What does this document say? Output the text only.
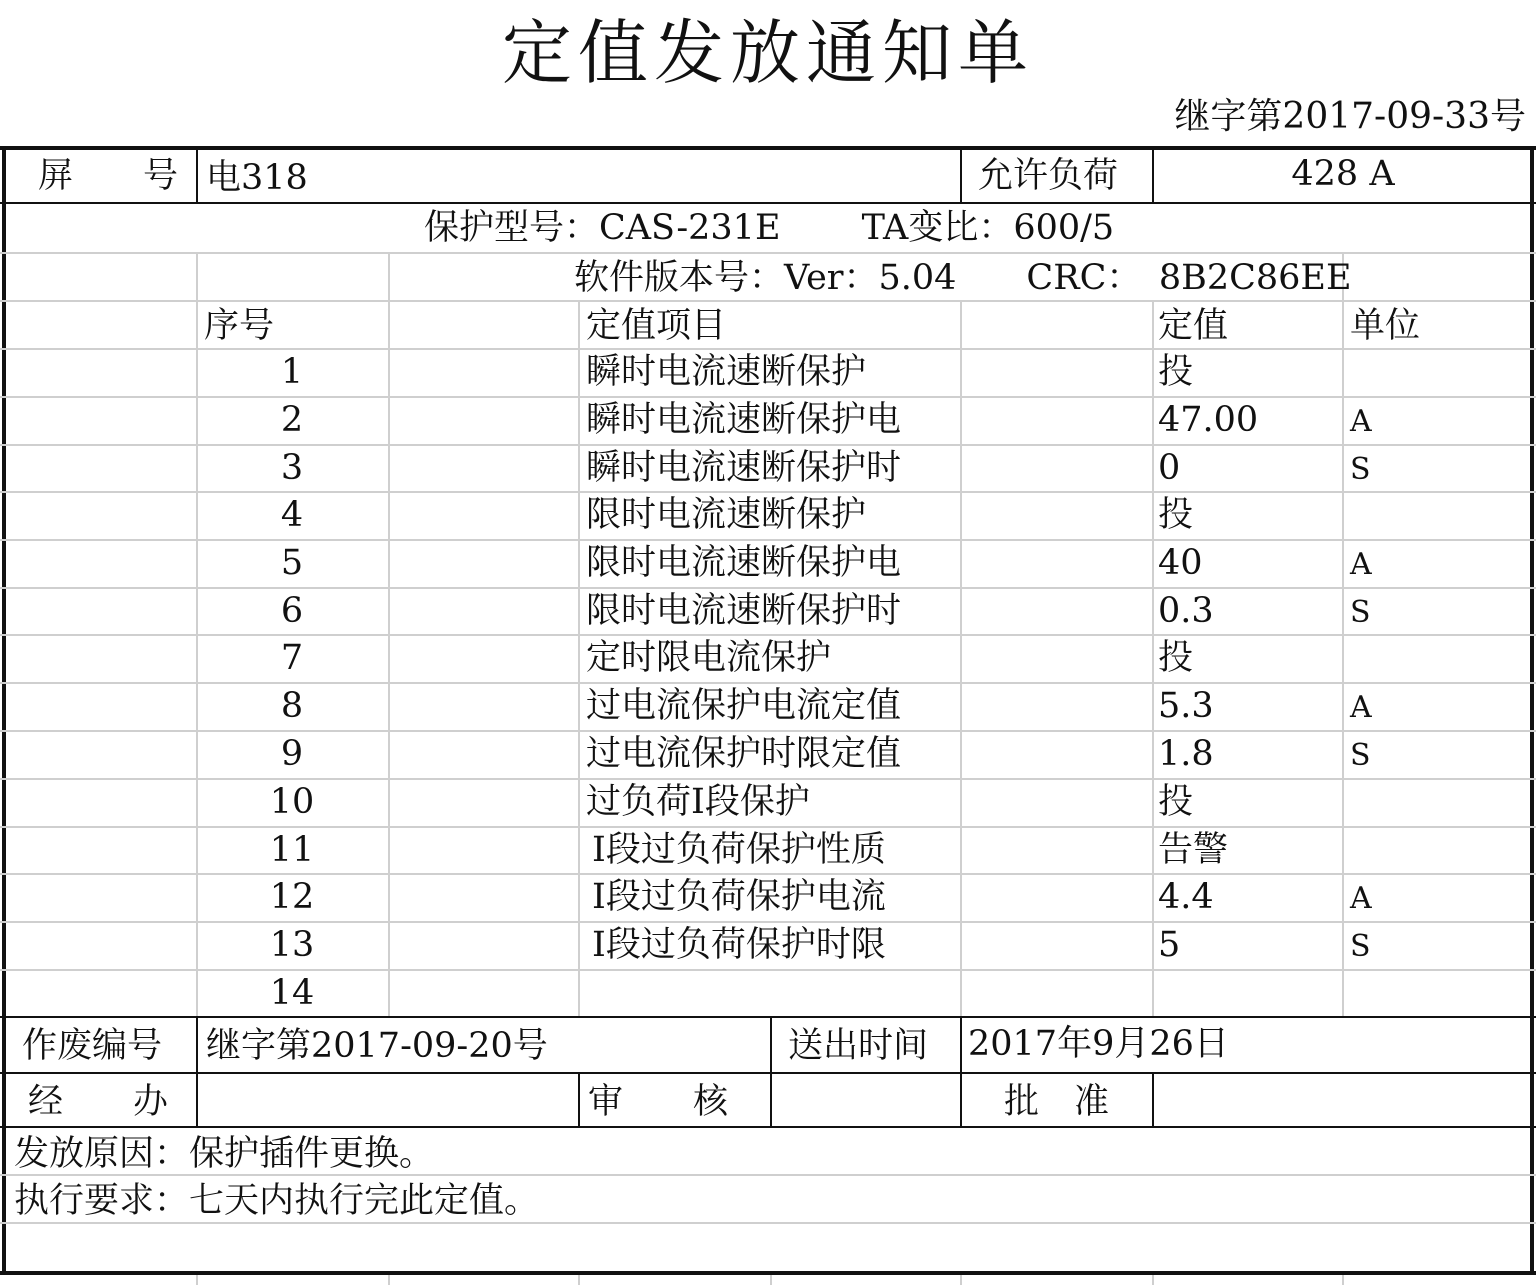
定值发放通知单
继字第2017-09-33号
屏　　号 电318	允许负荷	428 A
保护型号：CAS-231E　　 TA变比：600/5
软件版本号：Ver：5.04　　CRC：　8B2C86EE
序号	定值项目	定值	单位
1	瞬时电流速断保护	投
2	瞬时电流速断保护电	47.00	A
3	瞬时电流速断保护时	0	S
4	限时电流速断保护	投
5	限时电流速断保护电	40	A
6	限时电流速断保护时	0.3	S
7	定时限电流保护	投
8	过电流保护电流定值	5.3	A
9	过电流保护时限定值	1.8	S
10	过负荷Ⅰ段保护	投
11	Ⅰ段过负荷保护性质	告警
12	Ⅰ段过负荷保护电流	4.4	A
13	Ⅰ段过负荷保护时限	5	S
14
作废编号 继字第2017-09-20号	送出时间 2017年9月26日
经　　办	审　　核	批　准
发放原因：保护插件更换。
执行要求：七天内执行完此定值。
